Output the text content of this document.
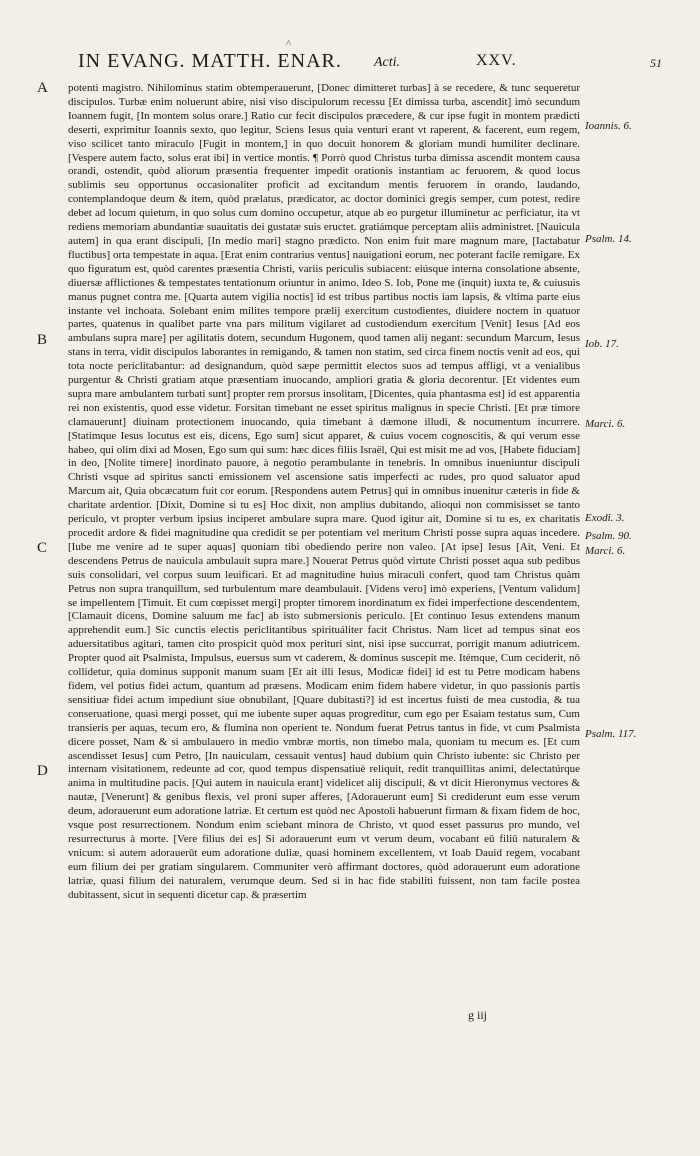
^
IN EVANG. MATTH. ENAR. Acti.	XXV.	51
A
B
C
D

potenti magistro. Nihilominus statim obtemperauerunt, [Donec dimitteret turbas] à se recedere, & tunc sequeretur discipulos. Turbæ enim noluerunt abire, nisi viso discipulorum recessu [Et dimissa turba, ascendit] imò secundum Ioannem fugit, [In montem solus orare.] Ratio cur fecit discipulos præcedere, & cur ipse fugit in montem prædicti deserti, exprimitur Ioannis sexto, quo legitur, Sciens Iesus quia venturi erant vt raperent, & facerent, eum regem, viso scilicet tanto miraculo [Fugit in montem,] in quo docuit honorem & gloriam mundi humiliter declinare. [Vespere autem facto, solus erat ibi] in vertice montis. ¶ Porrò quod Christus turba dimissa ascendit montem causa orandi, ostendit, quòd aliorum præsentia frequenter impedit orationis instantiam ac feruorem, & quod locus sublimis seu opportunus occasionaliter proficit ad excitandum mentis feruorem in orando, laudando, contemplandoque deum & item, quòd prælatus, prædicator, ac doctor dominici gregis semper, cum potest, redire debet ad locum quietum, in quo solus cum domino occupetur, atque ab eo purgetur illuminetur ac perficiatur, ita vt rediens memoriam abundantiæ suauitatis dei gustatæ suis eructet. gratiámque perceptam aliis administret. [Nauicula autem] in qua erant discipuli, [In medio mari] stagno prædicto. Non enim fuit mare magnum mare, [Iactabatur fluctibus] orta tempestate in aqua. [Erat enim contrarius ventus] nauigationi eorum, nec poterant facile remigare. Ex quo figuratum est, quòd carentes præsentia Christi, variis periculis subiacent: eiúsque interna consolatione absente, diuersæ afflictiones & tempestates tentationum oriuntur in animo. Ideo S. Iob, Pone me (inquit) iuxta te, & cuiusuis manus pugnet contra me. [Quarta autem vigilia noctis] id est tribus partibus noctis iam lapsis, & vltima parte eius instante vel inchoata. Solebant enim milites tempore prælij exercitum custodientes, diuidere noctem in quatuor partes, quatenus in qualibet parte vna pars militum vigilaret ad custodiendum exercitum [Venit] Iesus [Ad eos ambulans supra mare] per agilitatis dotem, secundum Hugonem, quod tamen alij negant: secundum Marcum, Iesus stans in terra, vidit discipulos laborantes in remigando, & tamen non statim, sed circa finem noctis venit ad eos, qui tota nocte periclitabantur: ad designandum, quòd sæpe permittit electos suos ad tempus affligi, vt a venialibus purgentur & Christi gratiam atque præsentiam inuocando, ampliori gratia & gloria decorentur. [Et videntes eum supra mare ambulantem turbati sunt] propter rem prorsus insolitam, [Dicentes, quia phantasma est] id est apparentia rei non existentis, quod esse videtur. Forsitan timebant ne esset spiritus malignus in specie Christi. [Et præ timore clamauerunt] diuinam protectionem inuocando, quia timebant à dæmone illudi, & nocumentum incurrere. [Statimque Iesus locutus est eis, dicens, Ego sum] sicut apparet, & cuius vocem cognoscitis, & qui verum esse habeo, qui olim dixi ad Mosen, Ego sum qui sum: hæc dices filiis Israël, Qui est misit me ad vos, [Habete fiduciam] in deo, [Nolite timere] inordinato pauore, à negotio perambulante in tenebris. In omnibus inueniuntur discipuli Christi vsque ad spiritus sancti emissionem vel ascensione satis imperfecti ac rudes, pro quod saluator apud Marcum ait, Quia obcæcatum fuit cor eorum. [Respondens autem Petrus] qui in omnibus inuenitur cæteris in fide & charitate ardentior. [Dixit, Domine si tu es] Hoc dixit, non amplius dubitando, alioqui non commisisset se tanto periculo, vt propter verbum ipsius inciperet ambulare supra mare. Quod igitur ait, Domine si tu es, ex charitatis procedit ardore & fidei magnitudine qua credidit se per potentiam vel meritum Christi posse supra aquas incedere. [Iube me venire ad te super aquas] quoniam tibi obediendo perire non valeo. [At ipse] Iesus [Ait, Veni. Et descendens Petrus de nauicula ambulauit supra mare.] Nouerat Petrus quòd virtute Christi posset aqua sub pedibus suis consolidari, vel corpus suum leuificari. Et ad magnitudine huius miraculi confert, quod tam Christus quàm Petrus non supra tranquillum, sed turbulentum mare deambulauit. [Videns vero] imò experiens, [Ventum validum] se impellentem [Timuit. Et cum cœpisset mergi] propter timorem inordinatum ex fidei imperfectione descendentem, [Clamauit dicens, Domine saluum me fac] ab isto submersionis periculo. [Et continuo Iesus extendens manum apprehendit eum.] Sic cunctis electis periclitantibus spirituáliter facit Christus. Nam licet ad tempus sinat eos aduersitatibus agitari, tamen cito prospicit quòd mox perituri sint, nisi ipse succurrat, porrigit manum adiutricem. Propter quod ait Psalmista, Impulsus, euersus sum vt caderem, & dominus suscepit me. Itémque, Cum ceciderit, nō collidetur, quia dominus supponit manum suam [Et ait illi Iesus, Modicæ fidei] id est tu Petre modicam habens fidem, vel potius fidei actum, quantum ad præsens. Modicam enim fidem habere videtur, in quo passionis partis sensitiuæ fidei actum impediunt siue obnubilant, [Quare dubitasti?] id est incertus fuisti de mea custodia, & tua conseruatione, quasi mergi posset, qui me iubente super aquas progreditur, cum ego per Esaiam testatus sum, Cum transieris per aquas, tecum ero, & flumina non operient te. Nondum fuerat Petrus tantus in fide, vt cum Psalmista dicere posset, Nam & si ambulauero in medio vmbræ mortis, non timebo mala, quoniam tu mecum es. [Et cum ascendisset Iesus] cum Petro, [In nauiculam, cessauit ventus] haud dubium quin Christo iubente: sic Christo per internam visitationem, redeunte ad cor, quod tempus dispensatiuè reliquit, redit tranquillitas animi, delectatúrque anima in multitudine pacis. [Qui autem in nauicula erant] videlicet alij discipuli, & vt dicit Hieronymus vectores & nautæ, [Venerunt] & genibus flexis, vel proni super afferes, [Adorauerunt eum] Si crediderunt eum esse verum deum, adorauerunt eum adoratione latriæ. Et certum est quòd nec Apostoli habuerunt firmam & fixam fidem de hoc, vsque post resurrectionem. Nondum enim sciebant minora de Christo, vt quod esset passurus pro mundo, vel resurrecturus à morte. [Vere filius dei es] Si adorauerunt eum vt verum deum, vocabant eū filiū naturalem & vnicum: si autem adorauerūt eum adoratione duliæ, quasi hominem excellentem, vt Ioab Dauid regem, vocabant eum filium dei per gratiam singularem. Communiter verò affirmant doctores, quòd adorauerunt eum adoratione latriæ, quasi filium dei naturalem, verumque deum. Sed si in hac fide stabiliti fuissent, non tam facile postea dubitassent, sicut in sequenti dicetur cap. & præsertim

Ioannis. 6.
Psalm. 14.
Iob. 17.
Marci. 6.
Exodi. 3.
Psalm. 90.
Marci. 6.
Psalm. 117.
g iij
